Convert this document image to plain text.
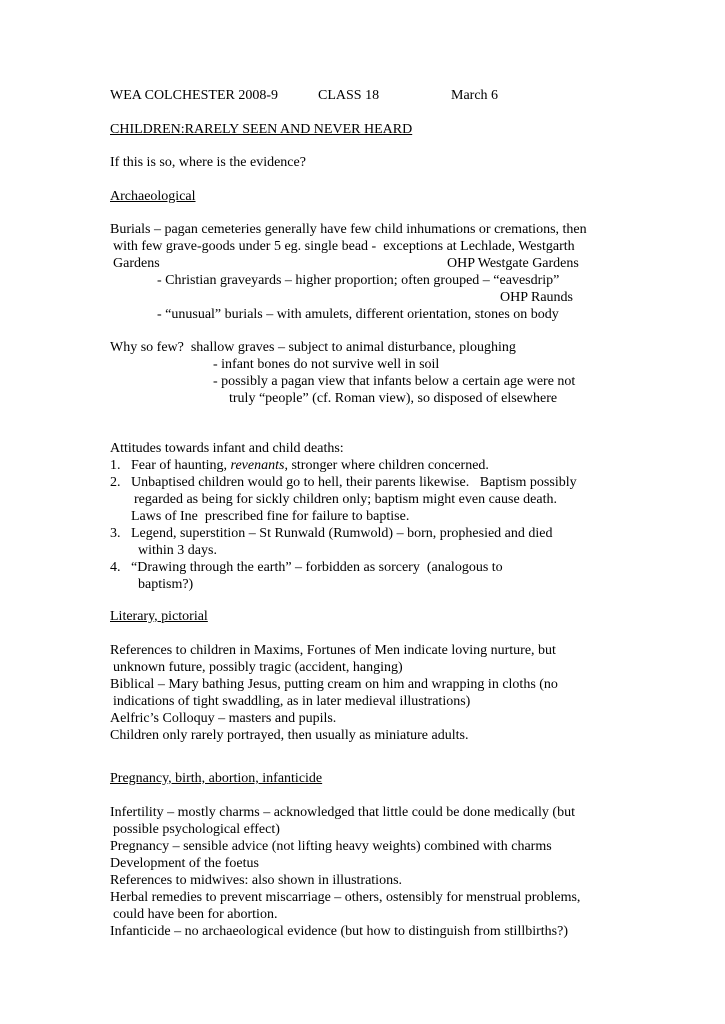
WEA COLCHESTER 2008-9	CLASS 18	March 6
CHILDREN:RARELY SEEN AND NEVER HEARD
If this is so, where is the evidence?
Archaeological
Burials – pagan cemeteries generally have few child inhumations or cremations, then
with few grave-goods under 5 eg. single bead -  exceptions at Lechlade, Westgarth
Gardens	OHP Westgate Gardens
- Christian graveyards – higher proportion; often grouped – “eavesdrip”
OHP Raunds
- “unusual” burials – with amulets, different orientation, stones on body
Why so few?  shallow graves – subject to animal disturbance, ploughing
- infant bones do not survive well in soil
- possibly a pagan view that infants below a certain age were not
truly “people” (cf. Roman view), so disposed of elsewhere
Attitudes towards infant and child deaths:
1. Fear of haunting, revenants, stronger where children concerned.
2. Unbaptised children would go to hell, their parents likewise.   Baptism possibly
regarded as being for sickly children only; baptism might even cause death.
Laws of Ine  prescribed fine for failure to baptise.
3. Legend, superstition – St Runwald (Rumwold) – born, prophesied and died
within 3 days.
4. “Drawing through the earth” – forbidden as sorcery  (analogous to
baptism?)
Literary, pictorial
References to children in Maxims, Fortunes of Men indicate loving nurture, but
unknown future, possibly tragic (accident, hanging)
Biblical – Mary bathing Jesus, putting cream on him and wrapping in cloths (no
indications of tight swaddling, as in later medieval illustrations)
Aelfric’s Colloquy – masters and pupils.
Children only rarely portrayed, then usually as miniature adults.
Pregnancy, birth, abortion, infanticide
Infertility – mostly charms – acknowledged that little could be done medically (but
possible psychological effect)
Pregnancy – sensible advice (not lifting heavy weights) combined with charms
Development of the foetus
References to midwives: also shown in illustrations.
Herbal remedies to prevent miscarriage – others, ostensibly for menstrual problems,
could have been for abortion.
Infanticide – no archaeological evidence (but how to distinguish from stillbirths?)
